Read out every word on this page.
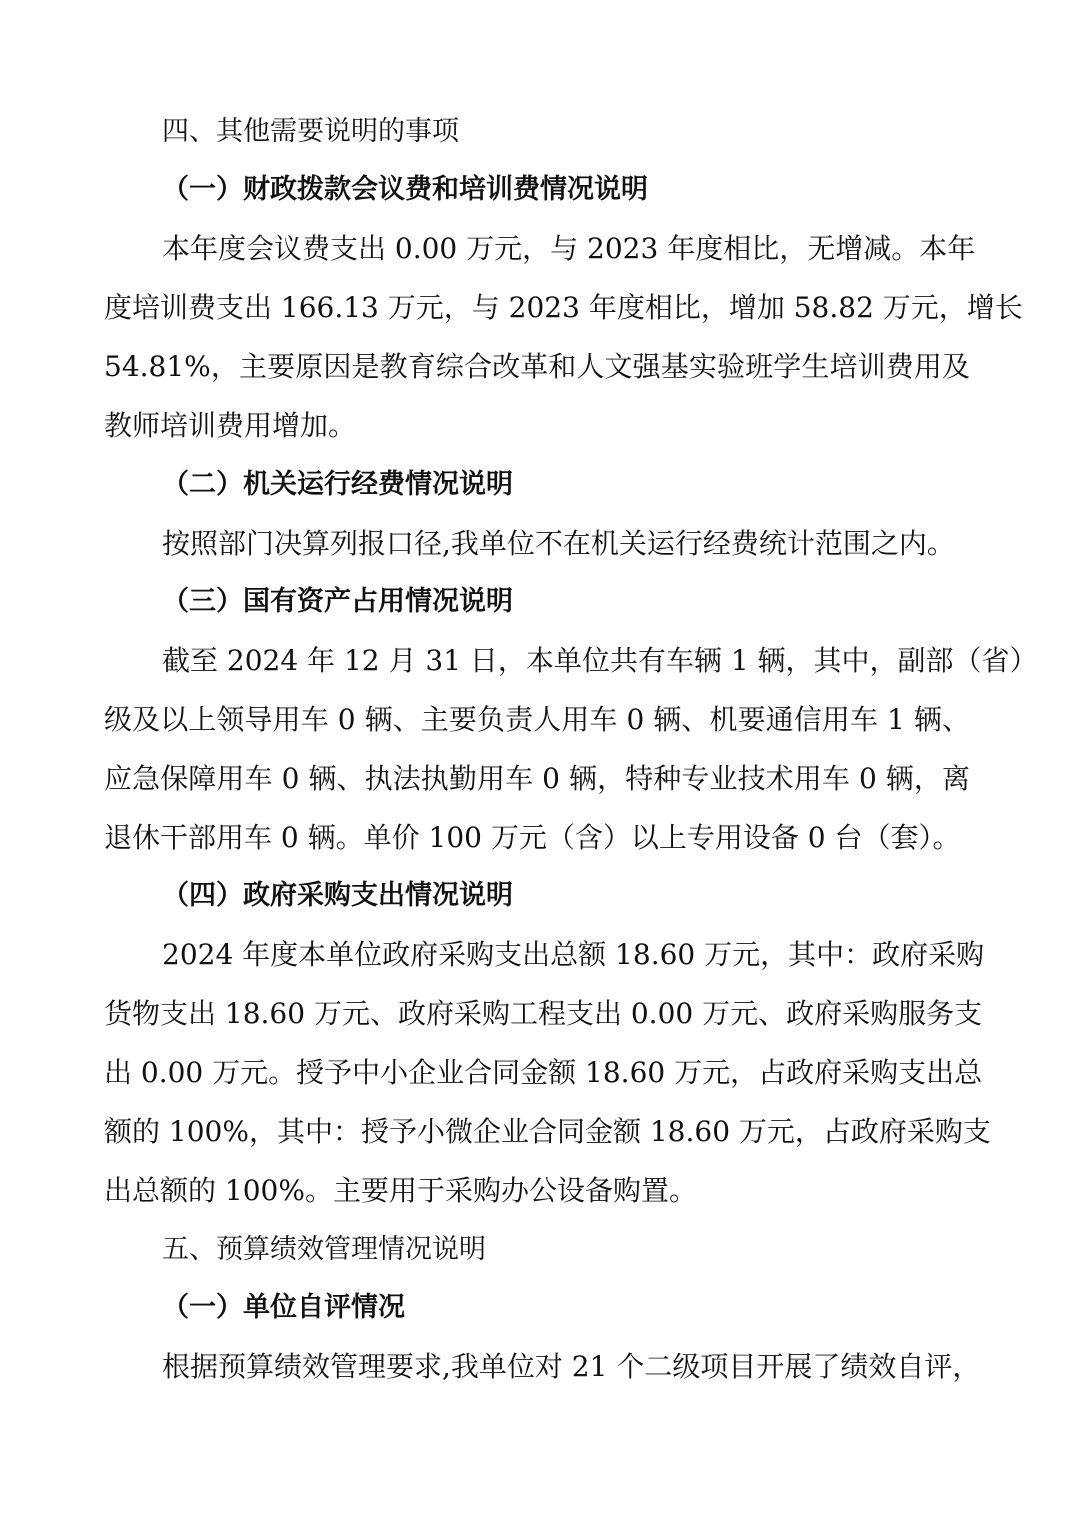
四、其他需要说明的事项
（一）财政拨款会议费和培训费情况说明
本年度会议费支出 0.00 万元，与 2023 年度相比，无增减。本年
度培训费支出 166.13 万元，与 2023 年度相比，增加 58.82 万元，增长
54.81%，主要原因是教育综合改革和人文强基实验班学生培训费用及
教师培训费用增加。
（二）机关运行经费情况说明
按照部门决算列报口径,我单位不在机关运行经费统计范围之内。
（三）国有资产占用情况说明
截至 2024 年 12 月 31 日，本单位共有车辆 1 辆，其中，副部（省）
级及以上领导用车 0 辆、主要负责人用车 0 辆、机要通信用车 1 辆、
应急保障用车 0 辆、执法执勤用车 0 辆，特种专业技术用车 0 辆，离
退休干部用车 0 辆。单价 100 万元（含）以上专用设备 0 台（套）。
（四）政府采购支出情况说明
2024 年度本单位政府采购支出总额 18.60 万元，其中：政府采购
货物支出 18.60 万元、政府采购工程支出 0.00 万元、政府采购服务支
出 0.00 万元。授予中小企业合同金额 18.60 万元，占政府采购支出总
额的 100%，其中：授予小微企业合同金额 18.60 万元，占政府采购支
出总额的 100%。主要用于采购办公设备购置。
五、预算绩效管理情况说明
（一）单位自评情况
根据预算绩效管理要求,我单位对 21 个二级项目开展了绩效自评，
